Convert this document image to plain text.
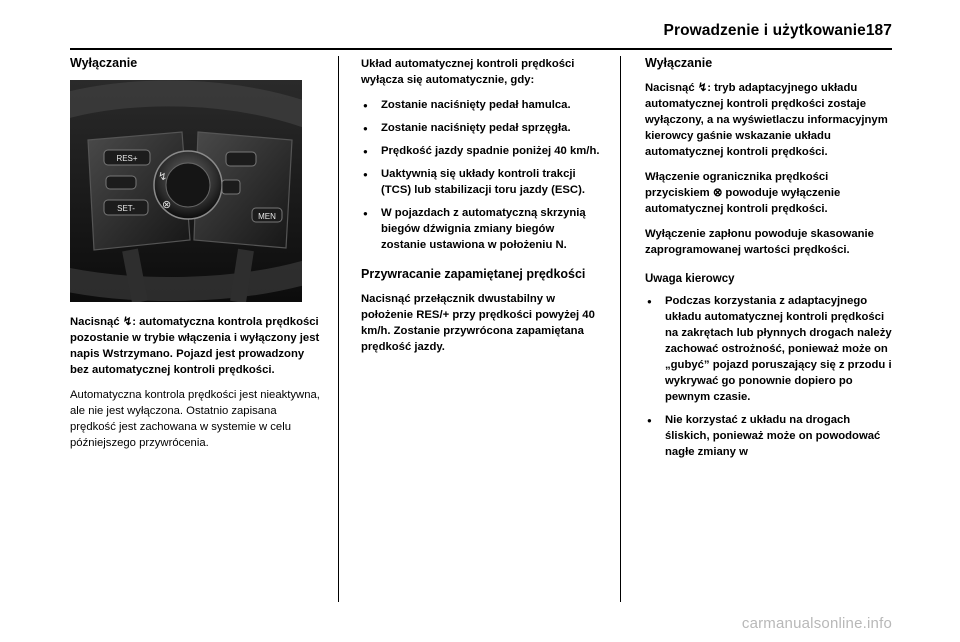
Prowadzenie i użytkowanie187
Wyłączanie
RES+
SET-
↯
⊗
MEN

Nacisnąć ↯: automatyczna kontrola prędkości pozostanie w trybie włączenia i wyłączony jest napis Wstrzymano. Pojazd jest prowadzony bez automatycznej kontroli prędkości.

Automatyczna kontrola prędkości jest nieaktywna, ale nie jest wyłączona. Ostatnio zapisana prędkość jest zachowana w systemie w celu późniejszego przywrócenia.

Układ automatycznej kontroli prędkości wyłącza się automatycznie, gdy:

● Zostanie naciśnięty pedał hamulca.
● Zostanie naciśnięty pedał sprzęgła.
● Prędkość jazdy spadnie poniżej 40 km/h.
● Uaktywnią się układy kontroli trakcji (TCS) lub stabilizacji toru jazdy (ESC).
● W pojazdach z automatyczną skrzynią biegów dźwignia zmiany biegów zostanie ustawiona w położeniu N.
Przywracanie zapamiętanej prędkości

Nacisnąć przełącznik dwustabilny w położenie RES/+ przy prędkości powyżej 40 km/h. Zostanie przywrócona zapamiętana prędkość jazdy.

Wyłączanie

Nacisnąć ↯: tryb adaptacyjnego układu automatycznej kontroli prędkości zostaje wyłączony, a na wyświetlaczu informacyjnym kierowcy gaśnie wskazanie układu automatycznej kontroli prędkości.

Włączenie ogranicznika prędkości przyciskiem ⊗ powoduje wyłączenie automatycznej kontroli prędkości.

Wyłączenie zapłonu powoduje skasowanie zaprogramowanej wartości prędkości.

Uwaga kierowcy
● Podczas korzystania z adaptacyjnego układu automatycznej kontroli prędkości na zakrętach lub płynnych drogach należy zachować ostrożność, ponieważ może on „gubyć” pojazd poruszający się z przodu i wykrywać go ponownie dopiero po pewnym czasie.
● Nie korzystać z układu na drogach śliskich, ponieważ może on powodować nagłe zmiany w
carmanualsonline.info
